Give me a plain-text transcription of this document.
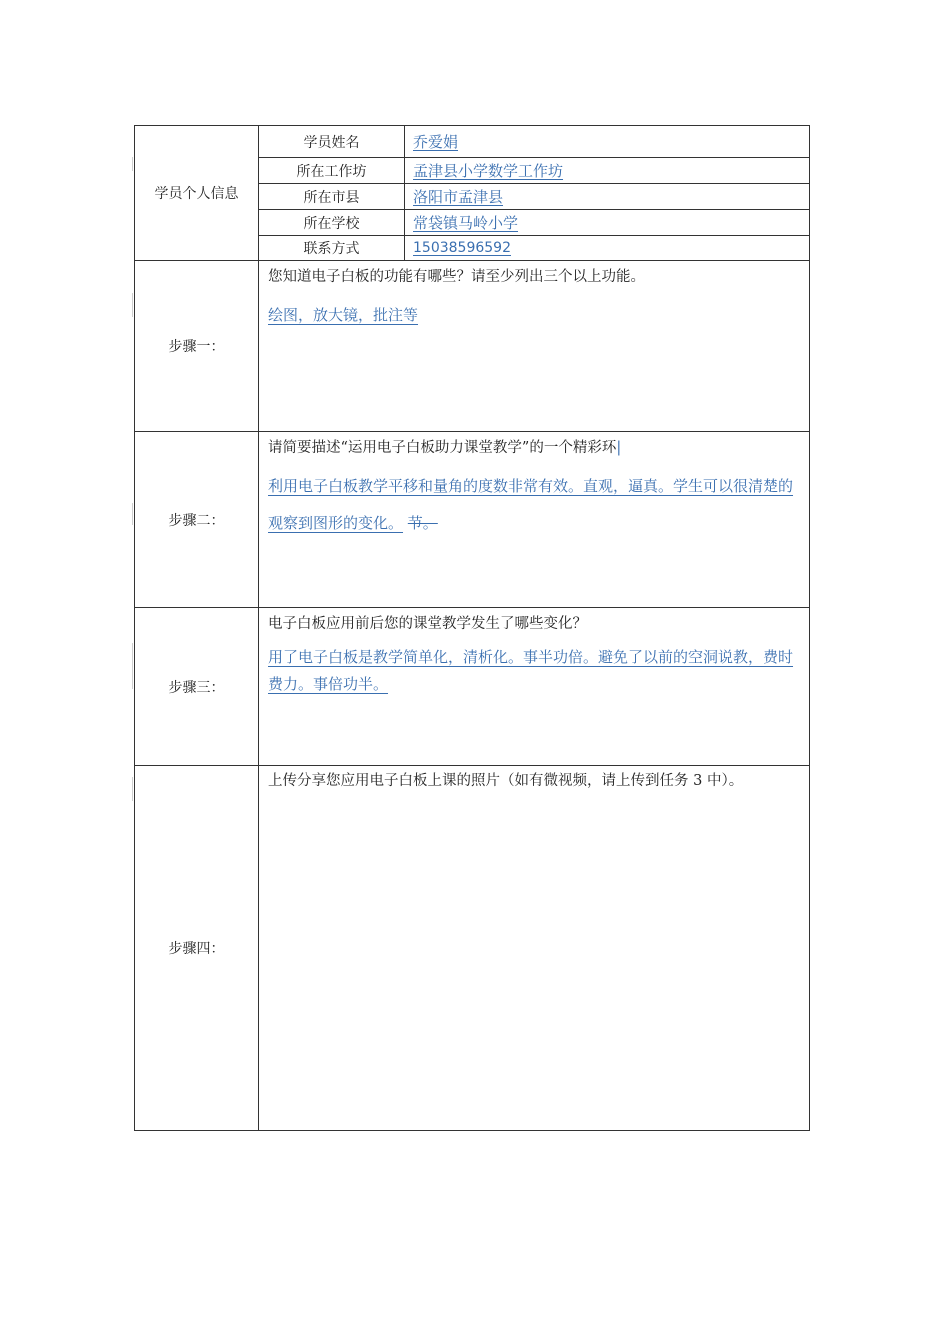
学员个人信息
学员姓名	乔爱娟
所在工作坊	孟津县小学数学工作坊
所在市县	洛阳市孟津县
所在学校	常袋镇马岭小学
联系方式	15038596592
步骤一：
您知道电子白板的功能有哪些？请至少列出三个以上功能。
绘图，放大镜，批注等
步骤二：
请简要描述“运用电子白板助力课堂教学”的一个精彩环|
利用电子白板教学平移和量角的度数非常有效。直观，逼真。学生可以很清楚的观察到图形的变化。 节。
步骤三：
电子白板应用前后您的课堂教学发生了哪些变化？
用了电子白板是教学简单化，清析化。事半功倍。避免了以前的空洞说教，费时费力。事倍功半。
步骤四：
上传分享您应用电子白板上课的照片（如有微视频，请上传到任务 3 中）。
